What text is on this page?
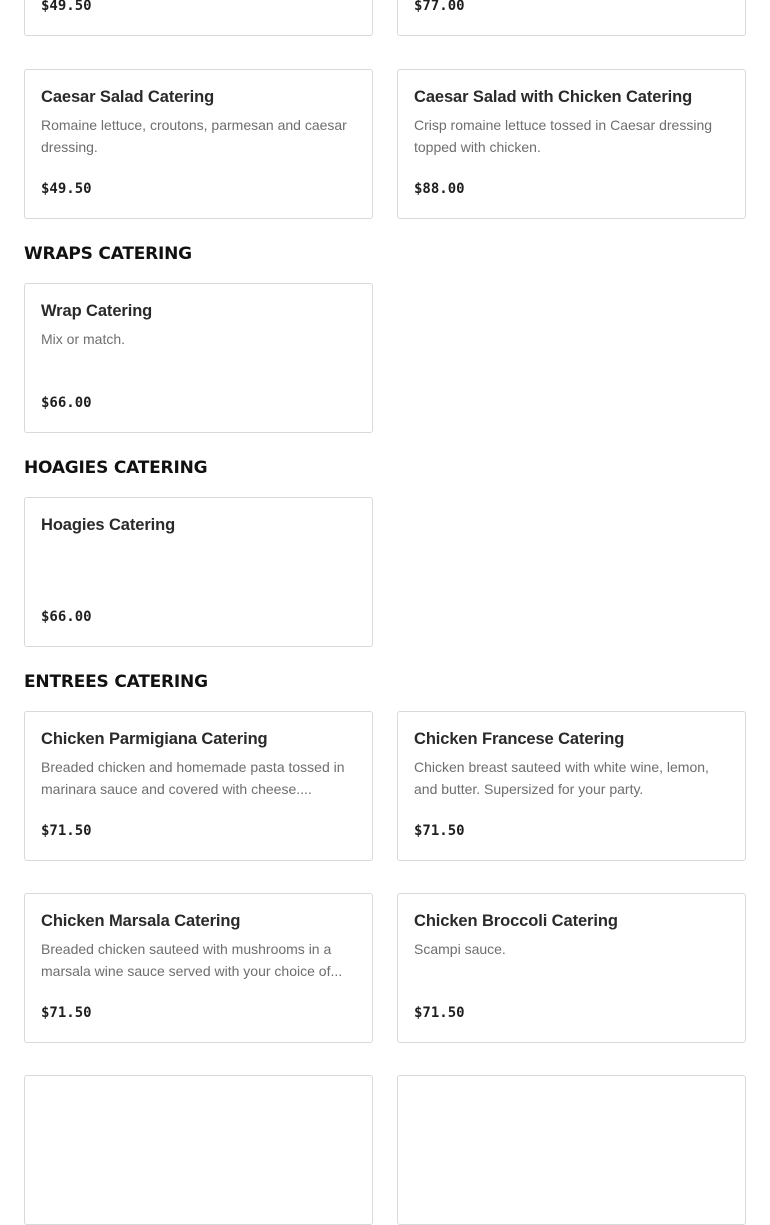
$49.50	$77.00
Caesar Salad Catering
Romaine lettuce, croutons, parmesan and caesar dressing.
$49.50
Caesar Salad with Chicken Catering
Crisp romaine lettuce tossed in Caesar dressing topped with chicken.
$88.00
WRAPS CATERING
Wrap Catering
Mix or match.
$66.00
HOAGIES CATERING
Hoagies Catering
$66.00
ENTREES CATERING
Chicken Parmigiana Catering
Breaded chicken and homemade pasta tossed in marinara sauce and covered with cheese....
$71.50
Chicken Francese Catering
Chicken breast sauteed with white wine, lemon, and butter. Supersized for your party.
$71.50
Chicken Marsala Catering
Breaded chicken sauteed with mushrooms in a marsala wine sauce served with your choice of...
$71.50
Chicken Broccoli Catering
Scampi sauce.
$71.50
